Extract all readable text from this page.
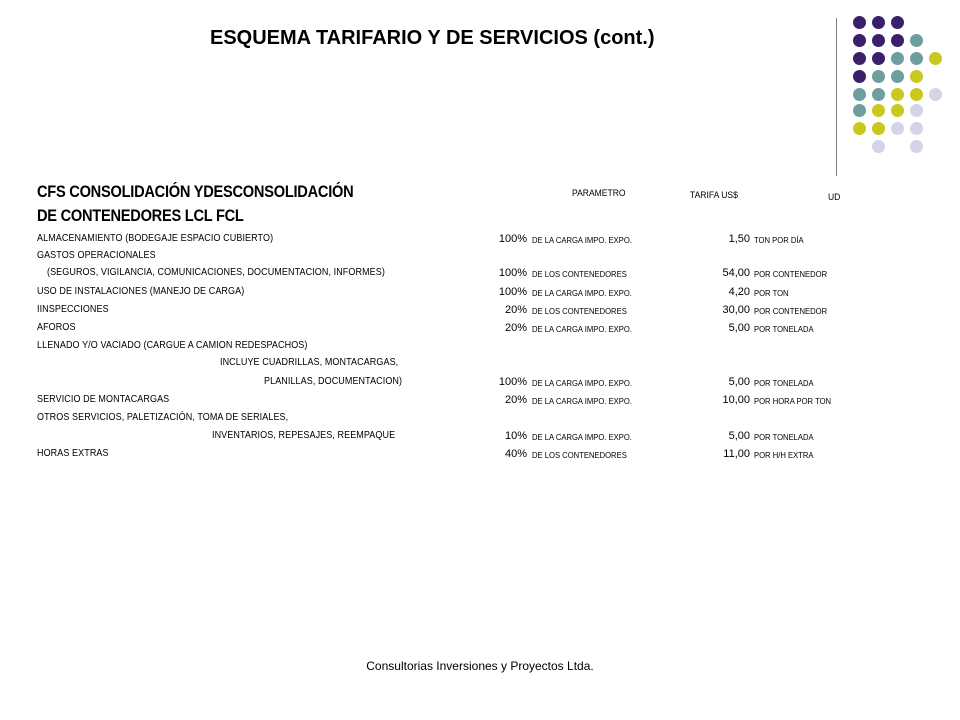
ESQUEMA TARIFARIO Y DE SERVICIOS (cont.)
CFS CONSOLIDACIÓN YDESCONSOLIDACIÓN
DE CONTENEDORES LCL FCL
PARAMETRO	TARIFA US$	UD
ALMACENAMIENTO (BODEGAJE ESPACIO CUBIERTO)	100% DE LA CARGA IMPO. EXPO.	1,50 TON POR DÍA
GASTOS OPERACIONALES
(SEGUROS, VIGILANCIA, COMUNICACIONES, DOCUMENTACION, INFORMES)	100% DE LOS CONTENEDORES	54,00 POR CONTENEDOR
USO DE INSTALACIONES (MANEJO DE CARGA)	100% DE LA CARGA IMPO. EXPO.	4,20 POR TON
IINSPECCIONES	20% DE LOS CONTENEDORES	30,00 POR CONTENEDOR
AFOROS	20% DE LA CARGA IMPO. EXPO.	5,00 POR TONELADA
LLENADO Y/O VACIADO (CARGUE A CAMION REDESPACHOS)
INCLUYE CUADRILLAS, MONTACARGAS,
PLANILLAS, DOCUMENTACION)	100% DE LA CARGA IMPO. EXPO.	5,00 POR TONELADA
SERVICIO DE MONTACARGAS	20% DE LA CARGA IMPO. EXPO.	10,00 POR HORA POR TON
OTROS SERVICIOS, PALETIZACIÓN, TOMA DE SERIALES,
INVENTARIOS, REPESAJES, REEMPAQUE	10% DE LA CARGA IMPO. EXPO.	5,00 POR TONELADA
HORAS EXTRAS	40% DE LOS CONTENEDORES	11,00 POR H/H EXTRA
Consultorias Inversiones y Proyectos Ltda.
